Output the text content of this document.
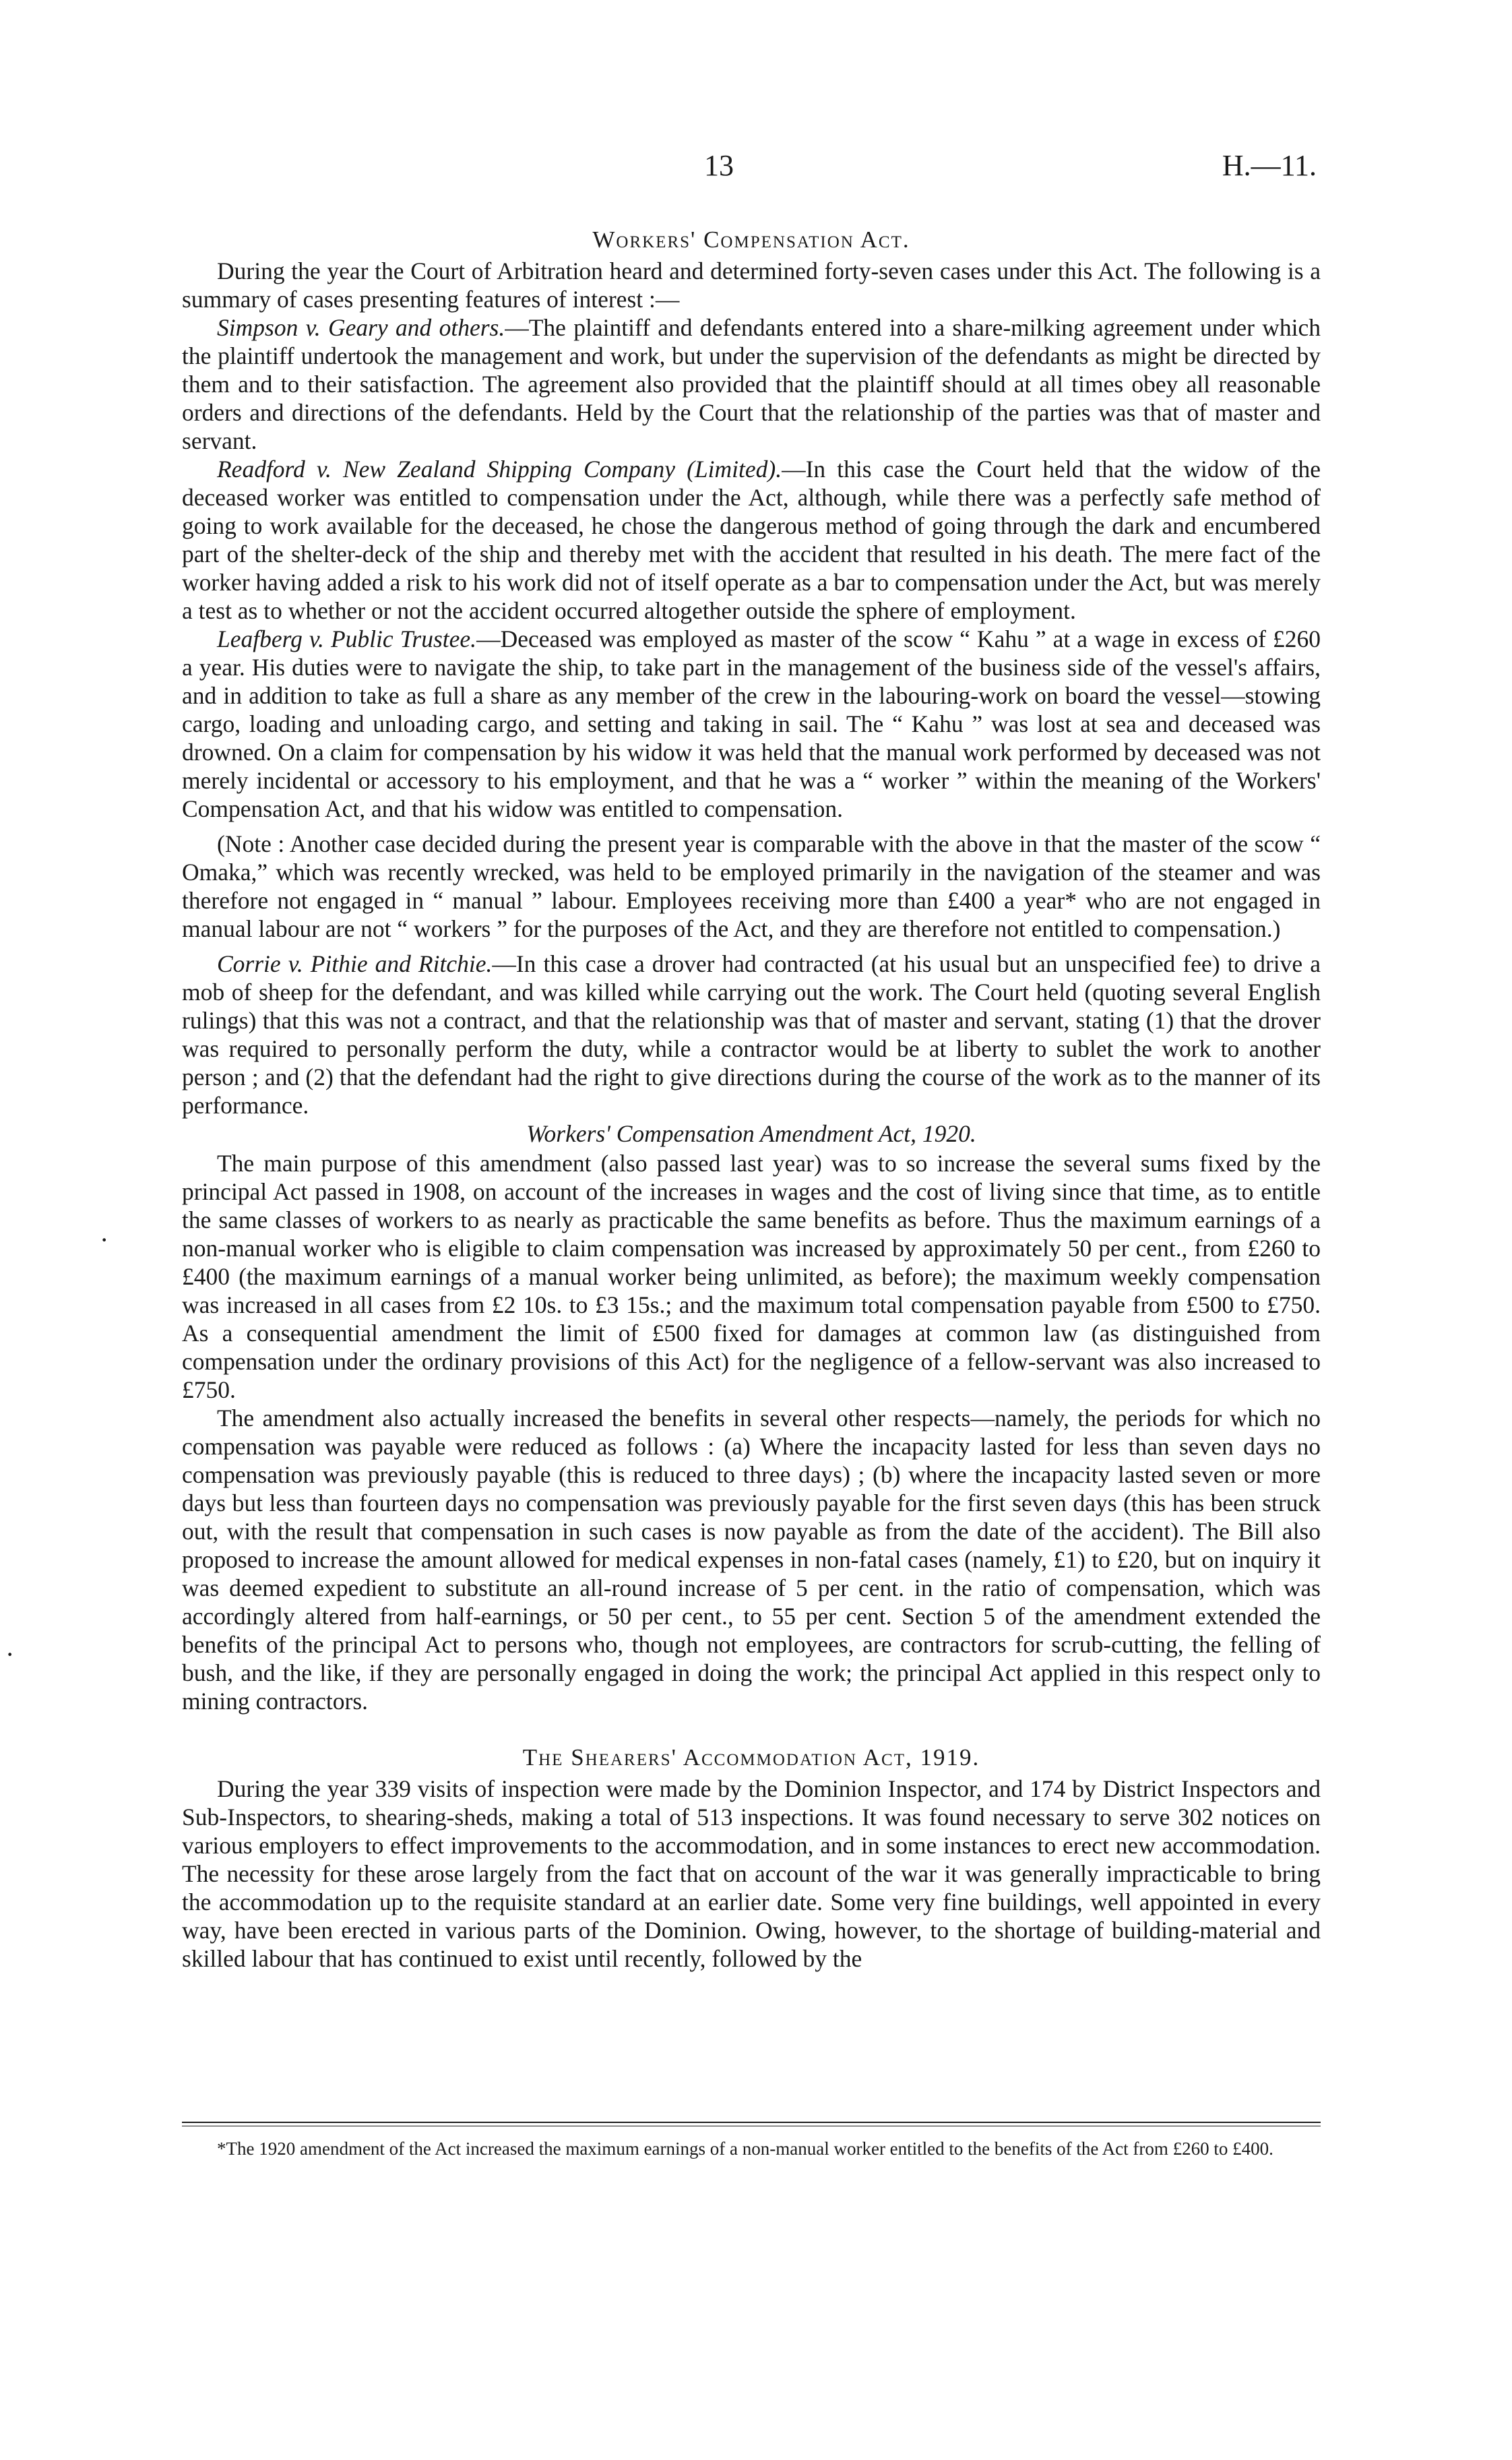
13	H.—11.
Workers' Compensation Act.

During the year the Court of Arbitration heard and determined forty-seven cases under this Act. The following is a summary of cases presenting features of interest :—

Simpson v. Geary and others.—The plaintiff and defendants entered into a share-milking agreement under which the plaintiff undertook the management and work, but under the supervision of the defendants as might be directed by them and to their satisfaction. The agreement also provided that the plaintiff should at all times obey all reasonable orders and directions of the defendants. Held by the Court that the relationship of the parties was that of master and servant.

Readford v. New Zealand Shipping Company (Limited).—In this case the Court held that the widow of the deceased worker was entitled to compensation under the Act, although, while there was a perfectly safe method of going to work available for the deceased, he chose the dangerous method of going through the dark and encumbered part of the shelter-deck of the ship and thereby met with the accident that resulted in his death. The mere fact of the worker having added a risk to his work did not of itself operate as a bar to compensation under the Act, but was merely a test as to whether or not the accident occurred altogether outside the sphere of employment.

Leafberg v. Public Trustee.—Deceased was employed as master of the scow “ Kahu ” at a wage in excess of £260 a year. His duties were to navigate the ship, to take part in the management of the business side of the vessel's affairs, and in addition to take as full a share as any member of the crew in the labouring-work on board the vessel—stowing cargo, loading and unloading cargo, and setting and taking in sail. The “ Kahu ” was lost at sea and deceased was drowned. On a claim for compensation by his widow it was held that the manual work performed by deceased was not merely incidental or accessory to his employment, and that he was a “ worker ” within the meaning of the Workers' Compensation Act, and that his widow was entitled to compensation.

(Note : Another case decided during the present year is comparable with the above in that the master of the scow “ Omaka,” which was recently wrecked, was held to be employed primarily in the navigation of the steamer and was therefore not engaged in “ manual ” labour. Employees receiving more than £400 a year* who are not engaged in manual labour are not “ workers ” for the purposes of the Act, and they are therefore not entitled to compensation.)

Corrie v. Pithie and Ritchie.—In this case a drover had contracted (at his usual but an unspecified fee) to drive a mob of sheep for the defendant, and was killed while carrying out the work. The Court held (quoting several English rulings) that this was not a contract, and that the relationship was that of master and servant, stating (1) that the drover was required to personally perform the duty, while a contractor would be at liberty to sublet the work to another person ; and (2) that the defendant had the right to give directions during the course of the work as to the manner of its performance.

Workers' Compensation Amendment Act, 1920.

The main purpose of this amendment (also passed last year) was to so increase the several sums fixed by the principal Act passed in 1908, on account of the increases in wages and the cost of living since that time, as to entitle the same classes of workers to as nearly as practicable the same benefits as before. Thus the maximum earnings of a non-manual worker who is eligible to claim compensation was increased by approximately 50 per cent., from £260 to £400 (the maximum earnings of a manual worker being unlimited, as before); the maximum weekly compensation was increased in all cases from £2 10s. to £3 15s.; and the maximum total compensation payable from £500 to £750. As a consequential amendment the limit of £500 fixed for damages at common law (as distinguished from compensation under the ordinary provisions of this Act) for the negligence of a fellow-servant was also increased to £750.

The amendment also actually increased the benefits in several other respects—namely, the periods for which no compensation was payable were reduced as follows : (a) Where the incapacity lasted for less than seven days no compensation was previously payable (this is reduced to three days) ; (b) where the incapacity lasted seven or more days but less than fourteen days no compensation was previously payable for the first seven days (this has been struck out, with the result that compensation in such cases is now payable as from the date of the accident). The Bill also proposed to increase the amount allowed for medical expenses in non-fatal cases (namely, £1) to £20, but on inquiry it was deemed expedient to substitute an all-round increase of 5 per cent. in the ratio of compensation, which was accordingly altered from half-earnings, or 50 per cent., to 55 per cent. Section 5 of the amendment extended the benefits of the principal Act to persons who, though not employees, are contractors for scrub-cutting, the felling of bush, and the like, if they are personally engaged in doing the work; the principal Act applied in this respect only to mining contractors.

The Shearers' Accommodation Act, 1919.

During the year 339 visits of inspection were made by the Dominion Inspector, and 174 by District Inspectors and Sub-Inspectors, to shearing-sheds, making a total of 513 inspections. It was found necessary to serve 302 notices on various employers to effect improvements to the accommodation, and in some instances to erect new accommodation. The necessity for these arose largely from the fact that on account of the war it was generally impracticable to bring the accommodation up to the requisite standard at an earlier date. Some very fine buildings, well appointed in every way, have been erected in various parts of the Dominion. Owing, however, to the shortage of building-material and skilled labour that has continued to exist until recently, followed by the

·
·
*The 1920 amendment of the Act increased the maximum earnings of a non-manual worker entitled to the benefits of the Act from £260 to £400.
